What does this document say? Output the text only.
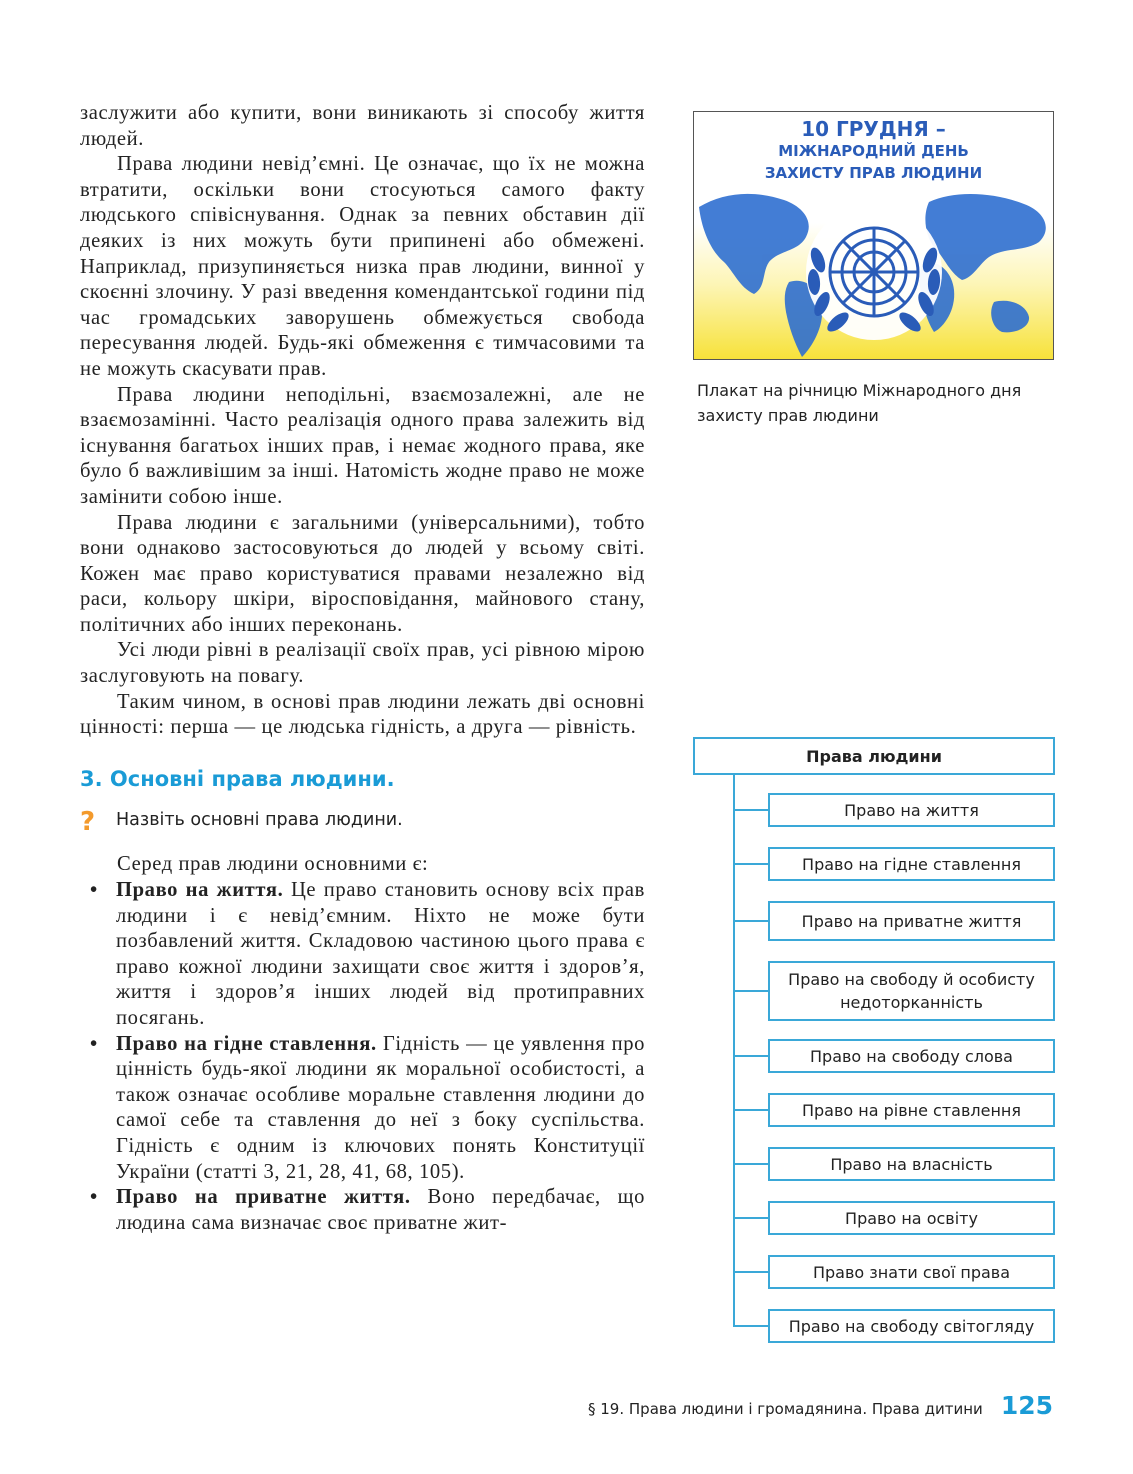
заслужити або купити, вони виникають зі способу життя людей.

Права людини невід’ємні. Це означає, що їх не можна втратити, оскільки вони стосуються самого факту людського співіснування. Однак за певних обставин дії деяких із них можуть бути припинені або обмежені. Наприклад, призупиняється низка прав людини, винної у скоєнні злочину. У разі введення комендантської години під час громадських заворушень обмежується свобода пересування людей. Будь-які обмеження є тимчасовими та не можуть скасувати прав.

Права людини неподільні, взаємозалежні, але не взаємозамінні. Часто реалізація одного права залежить від існування багатьох інших прав, і немає жодного права, яке було б важливішим за інші. Натомість жодне право не може замінити собою інше.

Права людини є загальними (універсальними), тобто вони однаково застосовуються до людей у всьому світі. Кожен має право користуватися правами незалежно від раси, кольору шкіри, віросповідання, майнового стану, політичних або інших переконань.

Усі люди рівні в реалізації своїх прав, усі рівною мірою заслуговують на повагу.

Таким чином, в основі прав людини лежать дві основні цінності: перша — це людська гідність, а друга — рівність.

3. Основні права людини.
?	Назвіть основні права людини.

Серед прав людини основними є:

• Право на життя. Це право становить основу всіх прав людини і є невід’ємним. Ніхто не може бути позбавлений життя. Складовою частиною цього права є право кожної людини захищати своє життя і здоров’я, життя і здоров’я інших людей від протиправних посягань.
• Право на гідне ставлення. Гідність — це уявлення про цінність будь-якої людини як моральної особистості, а також означає особливе моральне ставлення людини до самої себе та ставлення до неї з боку суспільства. Гідність є одним із ключових понять Конституції України (статті 3, 21, 28, 41, 68, 105).
• Право на приватне життя. Воно передбачає, що людина сама визначає своє приватне жит-
10 ГРУДНЯ –
МІЖНАРОДНИЙ ДЕНЬ
ЗАХИСТУ ПРАВ ЛЮДИНИ
Плакат на річницю Міжнародного дня захисту прав людини
Права людини
Право на життя
Право на гідне ставлення
Право на приватне життя
Право на свободу й особисту недоторканність
Право на свободу слова
Право на рівне ставлення
Право на власність
Право на освіту
Право знати свої права
Право на свободу світогляду
§ 19. Права людини і громадянина. Права дитини 125
